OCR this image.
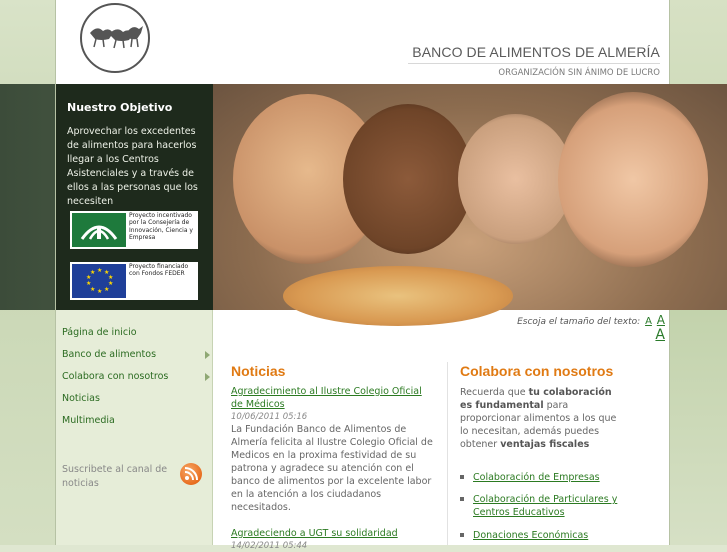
BANCO DE ALIMENTOS DE ALMERÍA
ORGANIZACIÓN SIN ÁNIMO DE LUCRO
Nuestro Objetivo

Aprovechar los excedentes de alimentos para hacerlos llegar a los Centros Asistenciales y a través de ellos a las personas que los necesiten

Proyecto incentivado por la Consejería de Innovación, Ciencia y Empresa
★ ★
★
★
★
★
★
★
★
★
Proyecto financiado con Fondos FEDER
Escoja el tamaño del texto: A A A
Página de inicio
Banco de alimentos
Colabora con nosotros
Noticias
Multimedia
Suscribete al canal de noticias
Noticias
Agradecimiento al Ilustre Colegio Oficial de Médicos
10/06/2011 05:16
La Fundación Banco de Alimentos de Almería felicita al Ilustre Colegio Oficial de Medicos en la proxima festividad de su patrona y agradece su atención con el banco de alimentos por la excelente labor en la atención a los ciudadanos necesitados.
Agradeciendo a UGT su solidaridad
14/02/2011 05:44
Colabora con nosotros
Recuerda que tu colaboración es fundamental para proporcionar alimentos a los que lo necesitan, además puedes obtener ventajas fiscales
Colaboración de Empresas
Colaboración de Particulares y Centros Educativos
Donaciones Económicas
